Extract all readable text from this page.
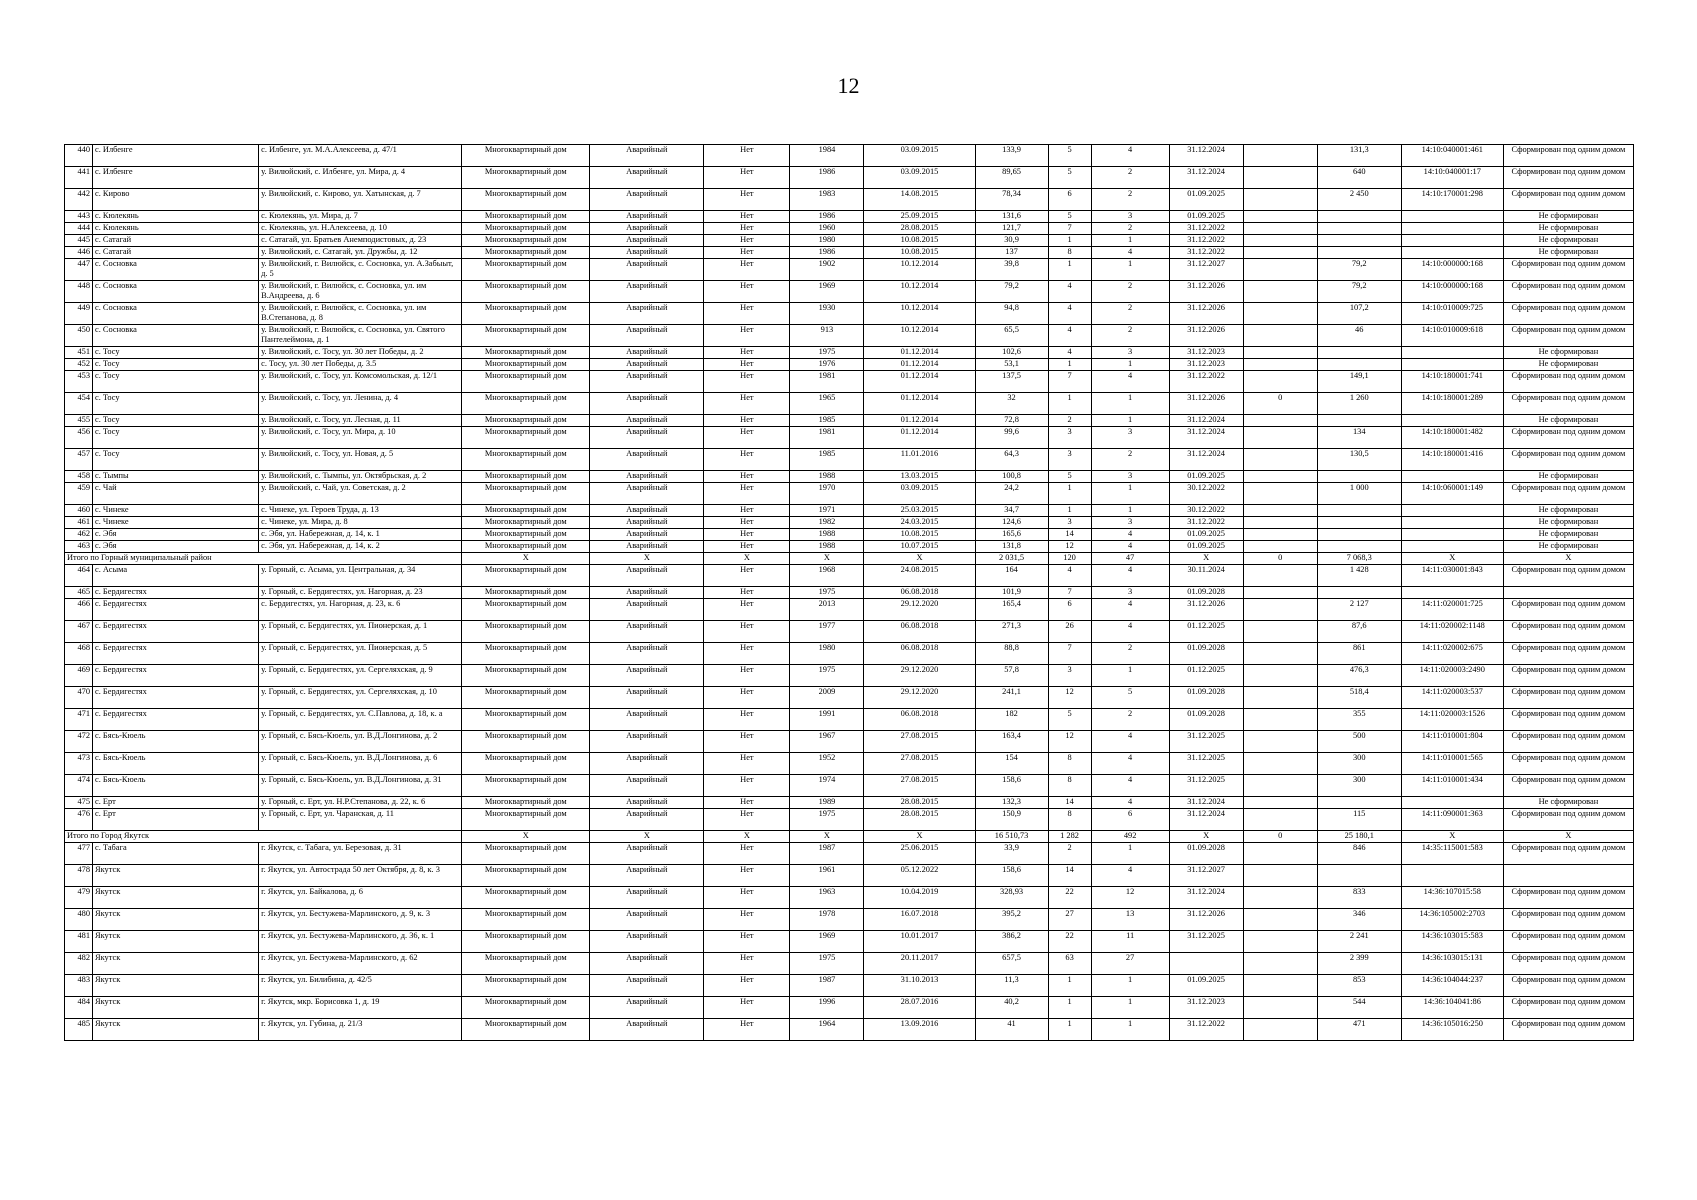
12
440	с. Илбенге	с. Илбенге, ул. М.А.Алексеева, д. 47/1	Многоквартирный дом	Аварийный	Нет	1984	03.09.2015	133,9	5	4	31.12.2024		131,3	14:10:040001:461	Сформирован под одним домом
441	с. Илбенге	у. Вилюйский, с. Илбенге, ул. Мира, д. 4	Многоквартирный дом	Аварийный	Нет	1986	03.09.2015	89,65	5	2	31.12.2024		640	14:10:040001:17	Сформирован под одним домом
442	с. Кирово	у. Вилюйский, с. Кирово, ул. Хатынская, д. 7	Многоквартирный дом	Аварийный	Нет	1983	14.08.2015	78,34	6	2	01.09.2025		2 450	14:10:170001:298	Сформирован под одним домом
443	с. Кюлекянь	с. Кюлекянь, ул. Мира, д. 7	Многоквартирный дом	Аварийный	Нет	1986	25.09.2015	131,6	5	3	01.09.2025				Не сформирован
444	с. Кюлекянь	с. Кюлекянь, ул. Н.Алексеева, д. 10	Многоквартирный дом	Аварийный	Нет	1960	28.08.2015	121,7	7	2	31.12.2022				Не сформирован
445	с. Сатагай	с. Сатагай, ул. Братьев Анемподистовых, д. 23	Многоквартирный дом	Аварийный	Нет	1980	10.08.2015	30,9	1	1	31.12.2022				Не сформирован
446	с. Сатагай	у. Вилюйский, с. Сатагай, ул. Дружбы, д. 12	Многоквартирный дом	Аварийный	Нет	1986	10.08.2015	137	8	4	31.12.2022				Не сформирован
447	с. Сосновка	у. Вилюйский, г. Вилюйск, с. Сосновка, ул. А.Забыыт, д. 5	Многоквартирный дом	Аварийный	Нет	1902	10.12.2014	39,8	1	1	31.12.2027		79,2	14:10:000000:168	Сформирован под одним домом
448	с. Сосновка	у. Вилюйский, г. Вилюйск, с. Сосновка, ул. им В.Андреева, д. 6	Многоквартирный дом	Аварийный	Нет	1969	10.12.2014	79,2	4	2	31.12.2026		79,2	14:10:000000:168	Сформирован под одним домом
449	с. Сосновка	у. Вилюйский, г. Вилюйск, с. Сосновка, ул. им В.Степанова, д. 8	Многоквартирный дом	Аварийный	Нет	1930	10.12.2014	94,8	4	2	31.12.2026		107,2	14:10:010009:725	Сформирован под одним домом
450	с. Сосновка	у. Вилюйский, г. Вилюйск, с. Сосновка, ул. Святого Пантелеймона, д. 1	Многоквартирный дом	Аварийный	Нет	913	10.12.2014	65,5	4	2	31.12.2026		46	14:10:010009:618	Сформирован под одним домом
451	с. Тосу	у. Вилюйский, с. Тосу, ул. 30 лет Победы, д. 2	Многоквартирный дом	Аварийный	Нет	1975	01.12.2014	102,6	4	3	31.12.2023				Не сформирован
452	с. Тосу	с. Тосу, ул. 30 лет Победы, д. 3.5	Многоквартирный дом	Аварийный	Нет	1976	01.12.2014	53,1	1	1	31.12.2023				Не сформирован
453	с. Тосу	у. Вилюйский, с. Тосу, ул. Комсомольская, д. 12/1	Многоквартирный дом	Аварийный	Нет	1981	01.12.2014	137,5	7	4	31.12.2022		149,1	14:10:180001:741	Сформирован под одним домом
454	с. Тосу	у. Вилюйский, с. Тосу, ул. Ленина, д. 4	Многоквартирный дом	Аварийный	Нет	1965	01.12.2014	32	1	1	31.12.2026	0	1 260	14:10:180001:289	Сформирован под одним домом
455	с. Тосу	у. Вилюйский, с. Тосу, ул. Лесная, д. 11	Многоквартирный дом	Аварийный	Нет	1985	01.12.2014	72,8	2	1	31.12.2024				Не сформирован
456	с. Тосу	у. Вилюйский, с. Тосу, ул. Мира, д. 10	Многоквартирный дом	Аварийный	Нет	1981	01.12.2014	99,6	3	3	31.12.2024		134	14:10:180001:482	Сформирован под одним домом
457	с. Тосу	у. Вилюйский, с. Тосу, ул. Новая, д. 5	Многоквартирный дом	Аварийный	Нет	1985	11.01.2016	64,3	3	2	31.12.2024		130,5	14:10:180001:416	Сформирован под одним домом
458	с. Тымпы	у. Вилюйский, с. Тымпы, ул. Октябрьская, д. 2	Многоквартирный дом	Аварийный	Нет	1988	13.03.2015	100,8	5	3	01.09.2025				Не сформирован
459	с. Чай	у. Вилюйский, с. Чай, ул. Советская, д. 2	Многоквартирный дом	Аварийный	Нет	1970	03.09.2015	24,2	1	1	30.12.2022		1 000	14:10:060001:149	Сформирован под одним домом
460	с. Чинеке	с. Чинеке, ул. Героев Труда, д. 13	Многоквартирный дом	Аварийный	Нет	1971	25.03.2015	34,7	1	1	30.12.2022				Не сформирован
461	с. Чинеке	с. Чинеке, ул. Мира, д. 8	Многоквартирный дом	Аварийный	Нет	1982	24.03.2015	124,6	3	3	31.12.2022				Не сформирован
462	с. Эбя	с. Эбя, ул. Набережная, д. 14, к. 1	Многоквартирный дом	Аварийный	Нет	1988	10.08.2015	165,6	14	4	01.09.2025				Не сформирован
463	с. Эбя	с. Эбя, ул. Набережная, д. 14, к. 2	Многоквартирный дом	Аварийный	Нет	1988	10.07.2015	131,8	12	4	01.09.2025				Не сформирован
Итого по Горный муниципальный район			X	X	X	X	X	2 031,5	120	47	X	0	7 068,3	X	X
464	с. Асыма	у. Горный, с. Асыма, ул. Центральная, д. 34	Многоквартирный дом	Аварийный	Нет	1968	24.08.2015	164	4	4	30.11.2024		1 428	14:11:030001:843	Сформирован под одним домом
465	с. Бердигестях	у. Горный, с. Бердигестях, ул. Нагорная, д. 23	Многоквартирный дом	Аварийный	Нет	1975	06.08.2018	101,9	7	3	01.09.2028				
466	с. Бердигестях	с. Бердигестях, ул. Нагорная, д. 23, к. 6	Многоквартирный дом	Аварийный	Нет	2013	29.12.2020	165,4	6	4	31.12.2026		2 127	14:11:020001:725	Сформирован под одним домом
467	с. Бердигестях	у. Горный, с. Бердигестях, ул. Пионерская, д. 1	Многоквартирный дом	Аварийный	Нет	1977	06.08.2018	271,3	26	4	01.12.2025		87,6	14:11:020002:1148	Сформирован под одним домом
468	с. Бердигестях	у. Горный, с. Бердигестях, ул. Пионерская, д. 5	Многоквартирный дом	Аварийный	Нет	1980	06.08.2018	88,8	7	2	01.09.2028		861	14:11:020002:675	Сформирован под одним домом
469	с. Бердигестях	у. Горный, с. Бердигестях, ул. Сергеляхская, д. 9	Многоквартирный дом	Аварийный	Нет	1975	29.12.2020	57,8	3	1	01.12.2025		476,3	14:11:020003:2490	Сформирован под одним домом
470	с. Бердигестях	у. Горный, с. Бердигестях, ул. Сергеляхская, д. 10	Многоквартирный дом	Аварийный	Нет	2009	29.12.2020	241,1	12	5	01.09.2028		518,4	14:11:020003:537	Сформирован под одним домом
471	с. Бердигестях	у. Горный, с. Бердигестях, ул. С.Павлова, д. 18, к. а	Многоквартирный дом	Аварийный	Нет	1991	06.08.2018	182	5	2	01.09.2028		355	14:11:020003:1526	Сформирован под одним домом
472	с. Бясь-Кюель	у. Горный, с. Бясь-Кюель, ул. В.Д.Лонгинова, д. 2	Многоквартирный дом	Аварийный	Нет	1967	27.08.2015	163,4	12	4	31.12.2025		500	14:11:010001:804	Сформирован под одним домом
473	с. Бясь-Кюель	у. Горный, с. Бясь-Кюель, ул. В.Д.Лонгинова, д. 6	Многоквартирный дом	Аварийный	Нет	1952	27.08.2015	154	8	4	31.12.2025		300	14:11:010001:565	Сформирован под одним домом
474	с. Бясь-Кюель	у. Горный, с. Бясь-Кюель, ул. В.Д.Лонгинова, д. 31	Многоквартирный дом	Аварийный	Нет	1974	27.08.2015	158,6	8	4	31.12.2025		300	14:11:010001:434	Сформирован под одним домом
475	с. Ерт	у. Горный, с. Ерт, ул. Н.Р.Степанова, д. 22, к. 6	Многоквартирный дом	Аварийный	Нет	1989	28.08.2015	132,3	14	4	31.12.2024				Не сформирован
476	с. Ерт	у. Горный, с. Ерт, ул. Чаранская, д. 11	Многоквартирный дом	Аварийный	Нет	1975	28.08.2015	150,9	8	6	31.12.2024		115	14:11:090001:363	Сформирован под одним домом
Итого по Город Якутск			X	X	X	X	X	16 510,73	1 282	492	X	0	25 180,1	X	X
477	с. Табага	г. Якутск, с. Табага, ул. Березовая, д. 31	Многоквартирный дом	Аварийный	Нет	1987	25.06.2015	33,9	2	1	01.09.2028		846	14:35:115001:583	Сформирован под одним домом
478	Якутск	г. Якутск, ул. Автострада 50 лет Октября, д. 8, к. 3	Многоквартирный дом	Аварийный	Нет	1961	05.12.2022	158,6	14	4	31.12.2027				
479	Якутск	г. Якутск, ул. Байкалова, д. 6	Многоквартирный дом	Аварийный	Нет	1963	10.04.2019	328,93	22	12	31.12.2024		833	14:36:107015:58	Сформирован под одним домом
480	Якутск	г. Якутск, ул. Бестужева-Марлинского, д. 9, к. 3	Многоквартирный дом	Аварийный	Нет	1978	16.07.2018	395,2	27	13	31.12.2026		346	14:36:105002:2703	Сформирован под одним домом
481	Якутск	г. Якутск, ул. Бестужева-Марлинского, д. 36, к. 1	Многоквартирный дом	Аварийный	Нет	1969	10.01.2017	386,2	22	11	31.12.2025		2 241	14:36:103015:583	Сформирован под одним домом
482	Якутск	г. Якутск, ул. Бестужева-Марлинского, д. 62	Многоквартирный дом	Аварийный	Нет	1975	20.11.2017	657,5	63	27			2 399	14:36:103015:131	Сформирован под одним домом
483	Якутск	г. Якутск, ул. Билибина, д. 42/5	Многоквартирный дом	Аварийный	Нет	1987	31.10.2013	11,3	1	1	01.09.2025		853	14:36:104044:237	Сформирован под одним домом
484	Якутск	г. Якутск, мкр. Борисовка 1, д. 19	Многоквартирный дом	Аварийный	Нет	1996	28.07.2016	40,2	1	1	31.12.2023		544	14:36:104041:86	Сформирован под одним домом
485	Якутск	г. Якутск, ул. Губина, д. 21/3	Многоквартирный дом	Аварийный	Нет	1964	13.09.2016	41	1	1	31.12.2022		471	14:36:105016:250	Сформирован под одним домом
